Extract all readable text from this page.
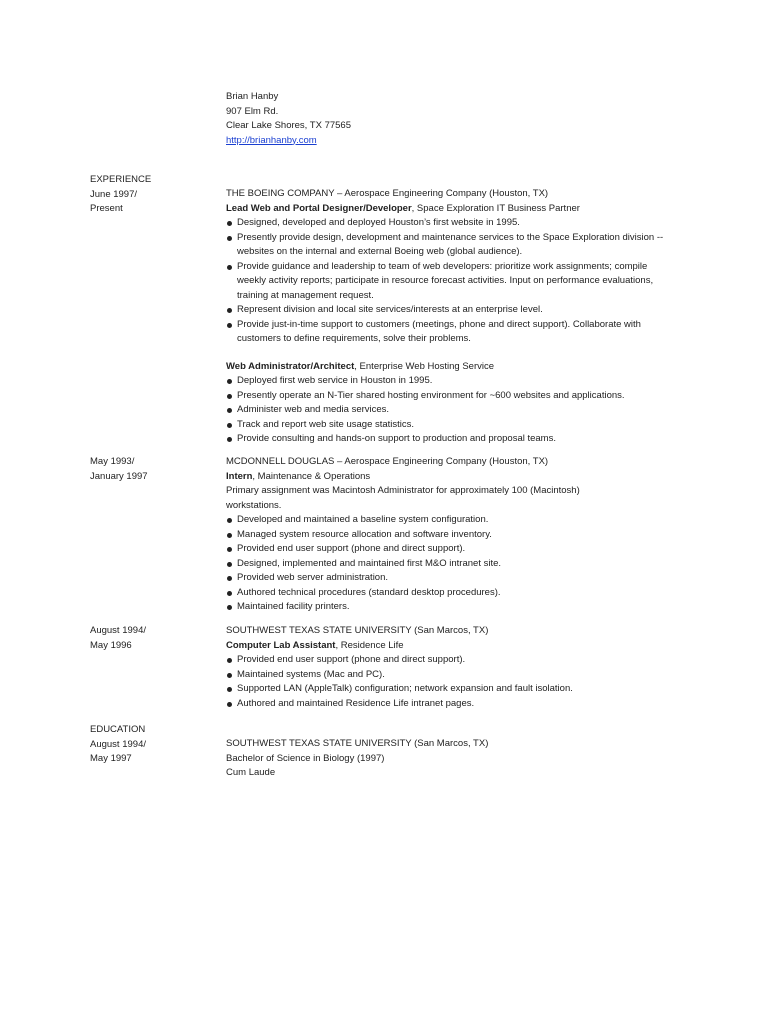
Brian Hanby
907 Elm Rd.
Clear Lake Shores, TX 77565
http://brianhanby.com
EXPERIENCE
June 1997/
Present
THE BOEING COMPANY – Aerospace Engineering Company (Houston, TX)
Lead Web and Portal Designer/Developer, Space Exploration IT Business Partner
Designed, developed and deployed Houston’s first website in 1995.
Presently provide design, development and maintenance services to the Space Exploration division -- websites on the internal and external Boeing web (global audience).
Provide guidance and leadership to team of web developers: prioritize work assignments; compile weekly activity reports; participate in resource forecast activities. Input on performance evaluations, training at management request.
Represent division and local site services/interests at an enterprise level.
Provide just-in-time support to customers (meetings, phone and direct support). Collaborate with customers to define requirements, solve their problems.
Web Administrator/Architect, Enterprise Web Hosting Service
Deployed first web service in Houston in 1995.
Presently operate an N-Tier shared hosting environment for ~600 websites and applications.
Administer web and media services.
Track and report web site usage statistics.
Provide consulting and hands-on support to production and proposal teams.
May 1993/
January 1997
MCDONNELL DOUGLAS – Aerospace Engineering Company (Houston, TX)
Intern, Maintenance & Operations
Primary assignment was Macintosh Administrator for approximately 100 (Macintosh) workstations.
Developed and maintained a baseline system configuration.
Managed system resource allocation and software inventory.
Provided end user support (phone and direct support).
Designed, implemented and maintained first M&O intranet site.
Provided web server administration.
Authored technical procedures (standard desktop procedures).
Maintained facility printers.
August 1994/
May 1996
SOUTHWEST TEXAS STATE UNIVERSITY (San Marcos, TX)
Computer Lab Assistant, Residence Life
Provided end user support (phone and direct support).
Maintained systems (Mac and PC).
Supported LAN (AppleTalk) configuration; network expansion and fault isolation.
Authored and maintained Residence Life intranet pages.
EDUCATION
August 1994/
May 1997
SOUTHWEST TEXAS STATE UNIVERSITY (San Marcos, TX)
Bachelor of Science in Biology (1997)
Cum Laude
